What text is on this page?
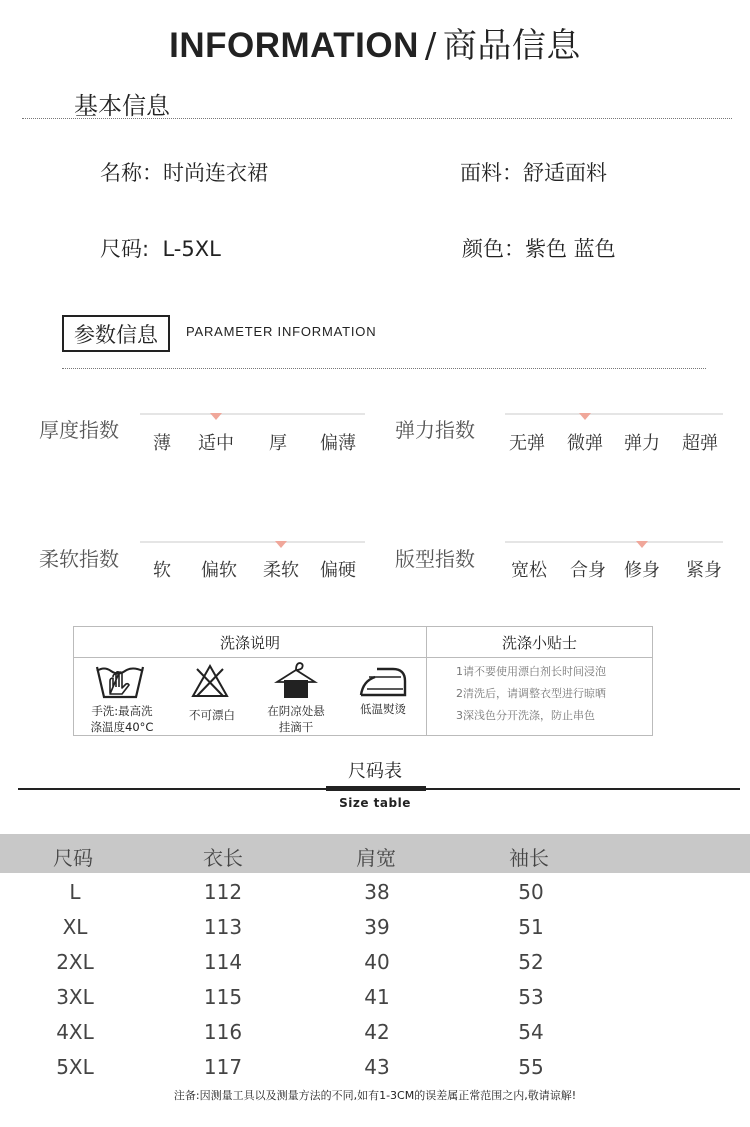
INFORMATION / 商品信息
基本信息
名称：时尚连衣裙	面料：舒适面料
尺码: L-5XL	颜色：紫色 蓝色
参数信息	PARAMETER INFORMATION
厚度指数
薄	适中	厚	偏薄
弹力指数
无弹	微弹	弹力	超弹
柔软指数	软	偏软	柔软	偏硬	版型指数	宽松	合身	修身	紧身
洗涤说明	洗涤小贴士
手洗:最高洗
涤温度40°C
不可漂白	在阴凉处悬
挂滴干
低温熨烫
1请不要使用漂白剂长时间浸泡
2清洗后，请调整衣型进行晾晒
3深浅色分开洗涤，防止串色
尺码表
Size table
尺码	衣长	肩宽	袖长
L	112	38	50
XL	113	39	51
2XL	114	40	52
3XL	115	41	53
4XL	116	42	54
5XL	117	43	55
注备:因测量工具以及测量方法的不同,如有1-3CM的误差属正常范围之内,敬请谅解!
